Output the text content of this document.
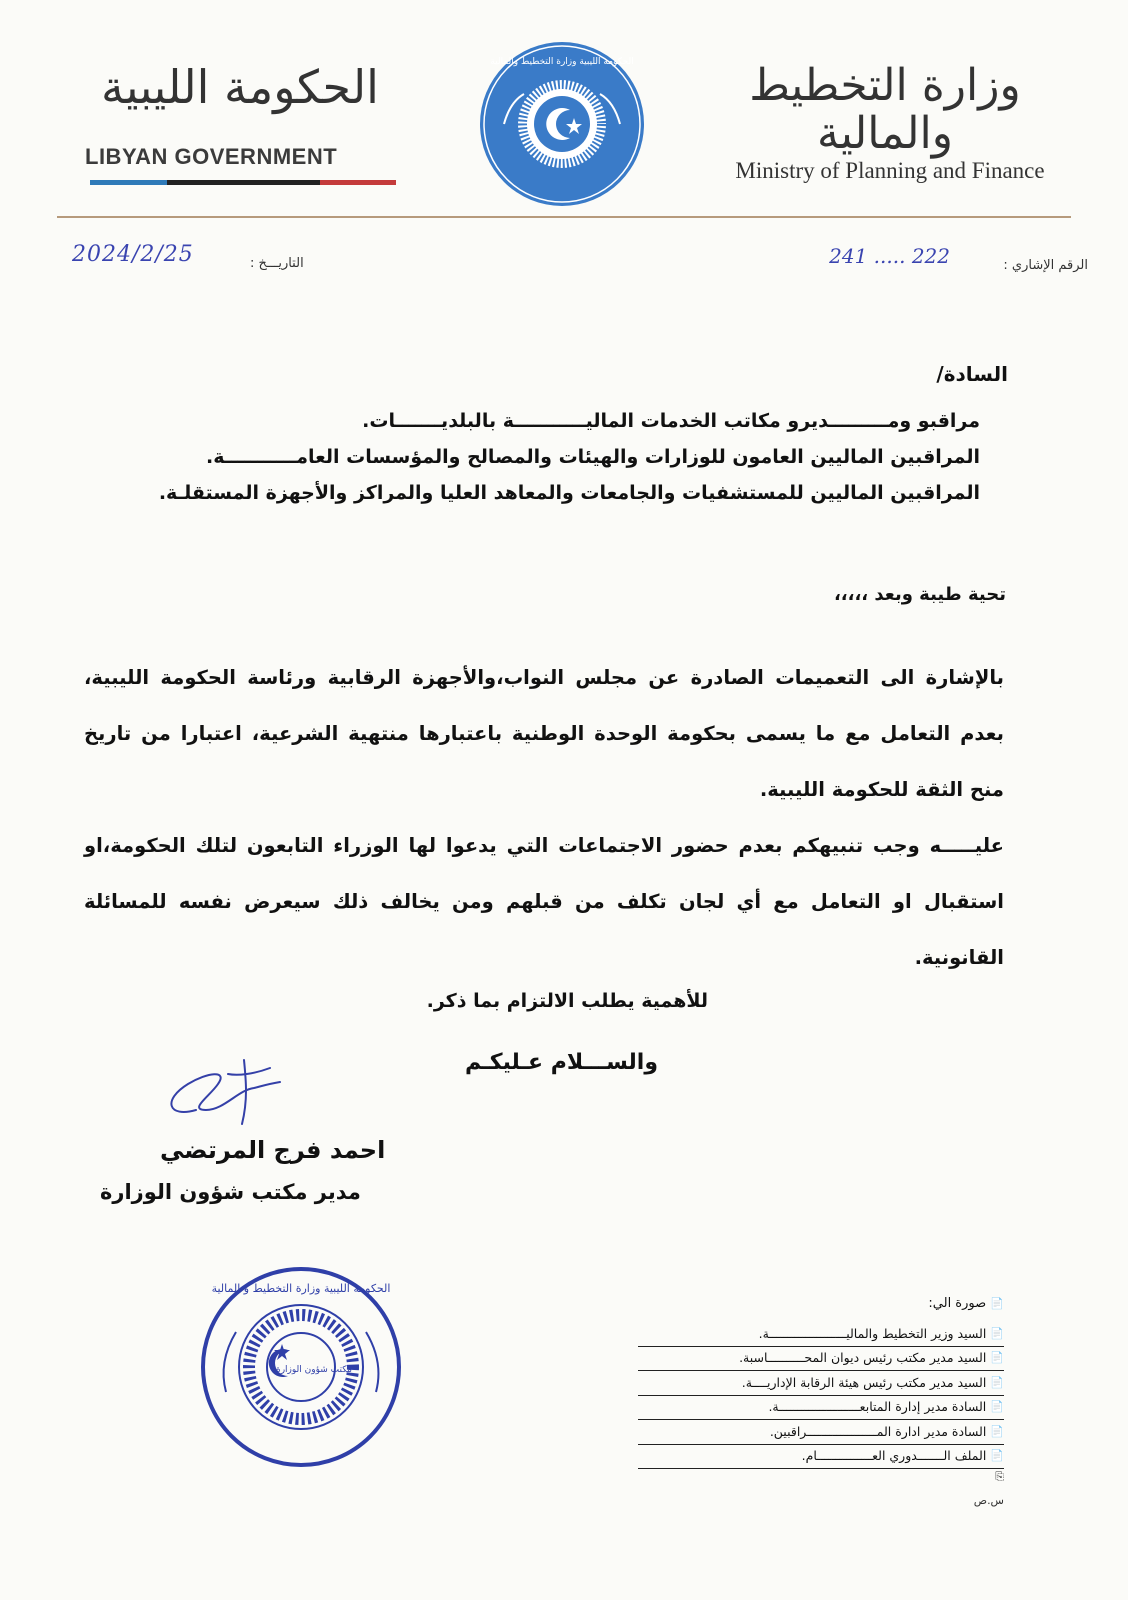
الحكومة الليبية
LIBYAN GOVERNMENT
الحكومة الليبية وزارة التخطيط والمالية	وزارة التخطيط والمالية
Ministry of Planning and Finance
الرقم الإشاري :
241 ..... 222
التاريـــخ :
2024/2/25
السادة/
مراقبو ومـــــــــديرو مكاتب الخدمات الماليـــــــــــة بالبلديـــــــات.
المراقبين الماليين العامون للوزارات والهيئات والمصالح والمؤسسات العامـــــــــــة.
المراقبين الماليين للمستشفيات والجامعات والمعاهد العليا والمراكز والأجهزة المستقلـة.
تحية طيبة وبعد ،،،،،
بالإشارة الى التعميمات الصادرة عن مجلس النواب،والأجهزة الرقابية ورئاسة الحكومة الليبية، بعدم التعامل مع ما يسمى بحكومة الوحدة الوطنية باعتبارها منتهية الشرعية، اعتبارا من تاريخ منح الثقة للحكومة الليبية.
عليـــــه وجب تنبيهكم بعدم حضور الاجتماعات التي يدعوا لها الوزراء التابعون لتلك الحكومة،او استقبال او التعامل مع أي لجان تكلف من قبلهم ومن يخالف ذلك سيعرض نفسه للمسائلة القانونية.
للأهمية يطلب الالتزام بما ذكر.
والســـلام عـليكـم
احمد فرج المرتضي
مدير مكتب شؤون الوزارة
مكتب شؤون الوزارة
الحكومة الليبية وزارة التخطيط و المالية
📄 صورة الي:
📄
السيد وزير التخطيط والماليـــــــــــــــــــــة.
📄
السيد مدير مكتب رئيس ديوان المحــــــــــاسبة.
📄
السيد مدير مكتب رئيس هيئة الرقابة الإداريــــة.
📄
السادة مدير إدارة المتابعــــــــــــــــــــــة.
📄
السادة مدير ادارة المـــــــــــــــــــراقبين.
📄
الملف الـــــــدوري العـــــــــــــــام.
⎘
س.ص
